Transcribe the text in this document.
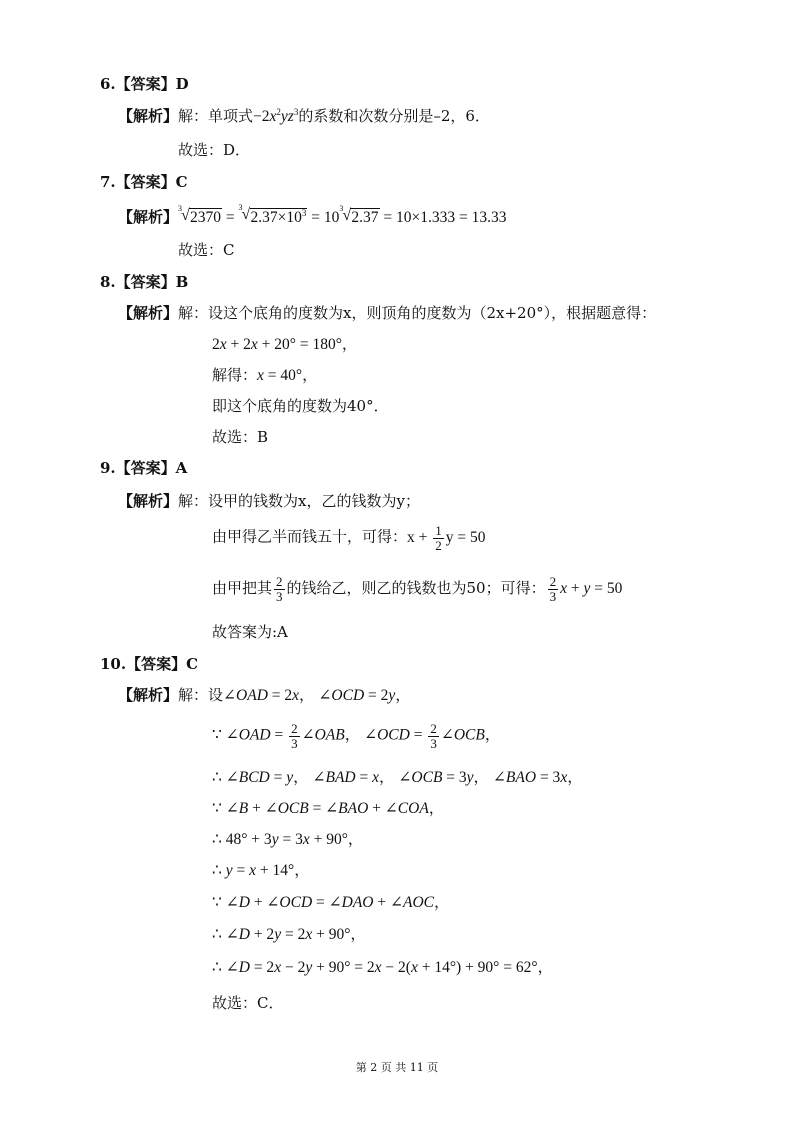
6.【答案】D
【解析】解：单项式$-2x^2yz^3$的系数和次数分别是–2，6．
故选：D．
7.【答案】C
【解析】 3 √ 2370 =
3 √ $2.37\times 10^3 = 10$
3 √ 2.37 = 10×1.333 = 13.33
故选：C
8.【答案】B
【解析】解：设这个底角的度数为x，则顶角的度数为（2x+20°），根据题意得：
2x + 2x + 20° = 180°，
解得：x = 40°，
即这个底角的度数为40°．
故选：B
9.【答案】A
【解析】解：设甲的钱数为x，乙的钱数为y；
由甲得乙半而钱五十，可得：$x + \frac{1}{2}$ y = 50
由甲把其 $\frac{2}{3}$ 的钱给乙，则乙的钱数也为50；可得： $\frac{2}{3}$ x + y = 50
故答案为:A
10.【答案】C
【解析】解：设∠OAD = 2x， ∠OCD = 2y，
∵ ∠OAD = $\frac{2}{3}$ ∠OAB， ∠OCD = $\frac{2}{3}$ ∠OCB，
∴ ∠BCD = y， ∠BAD = x， ∠OCB = 3y， ∠BAO = 3x，
∵ ∠B + ∠OCB = ∠BAO + ∠COA，
∴ 48° + 3y = 3x + 90°，
∴ y = x + 14°，
∵ ∠D + ∠OCD = ∠DAO + ∠AOC，
∴ ∠D + 2y = 2x + 90°，
∴ ∠D = 2x − 2y + 90° = 2x − 2(x + 14°) + 90° = 62°，
故选：C．
第 2 页 共 11 页
